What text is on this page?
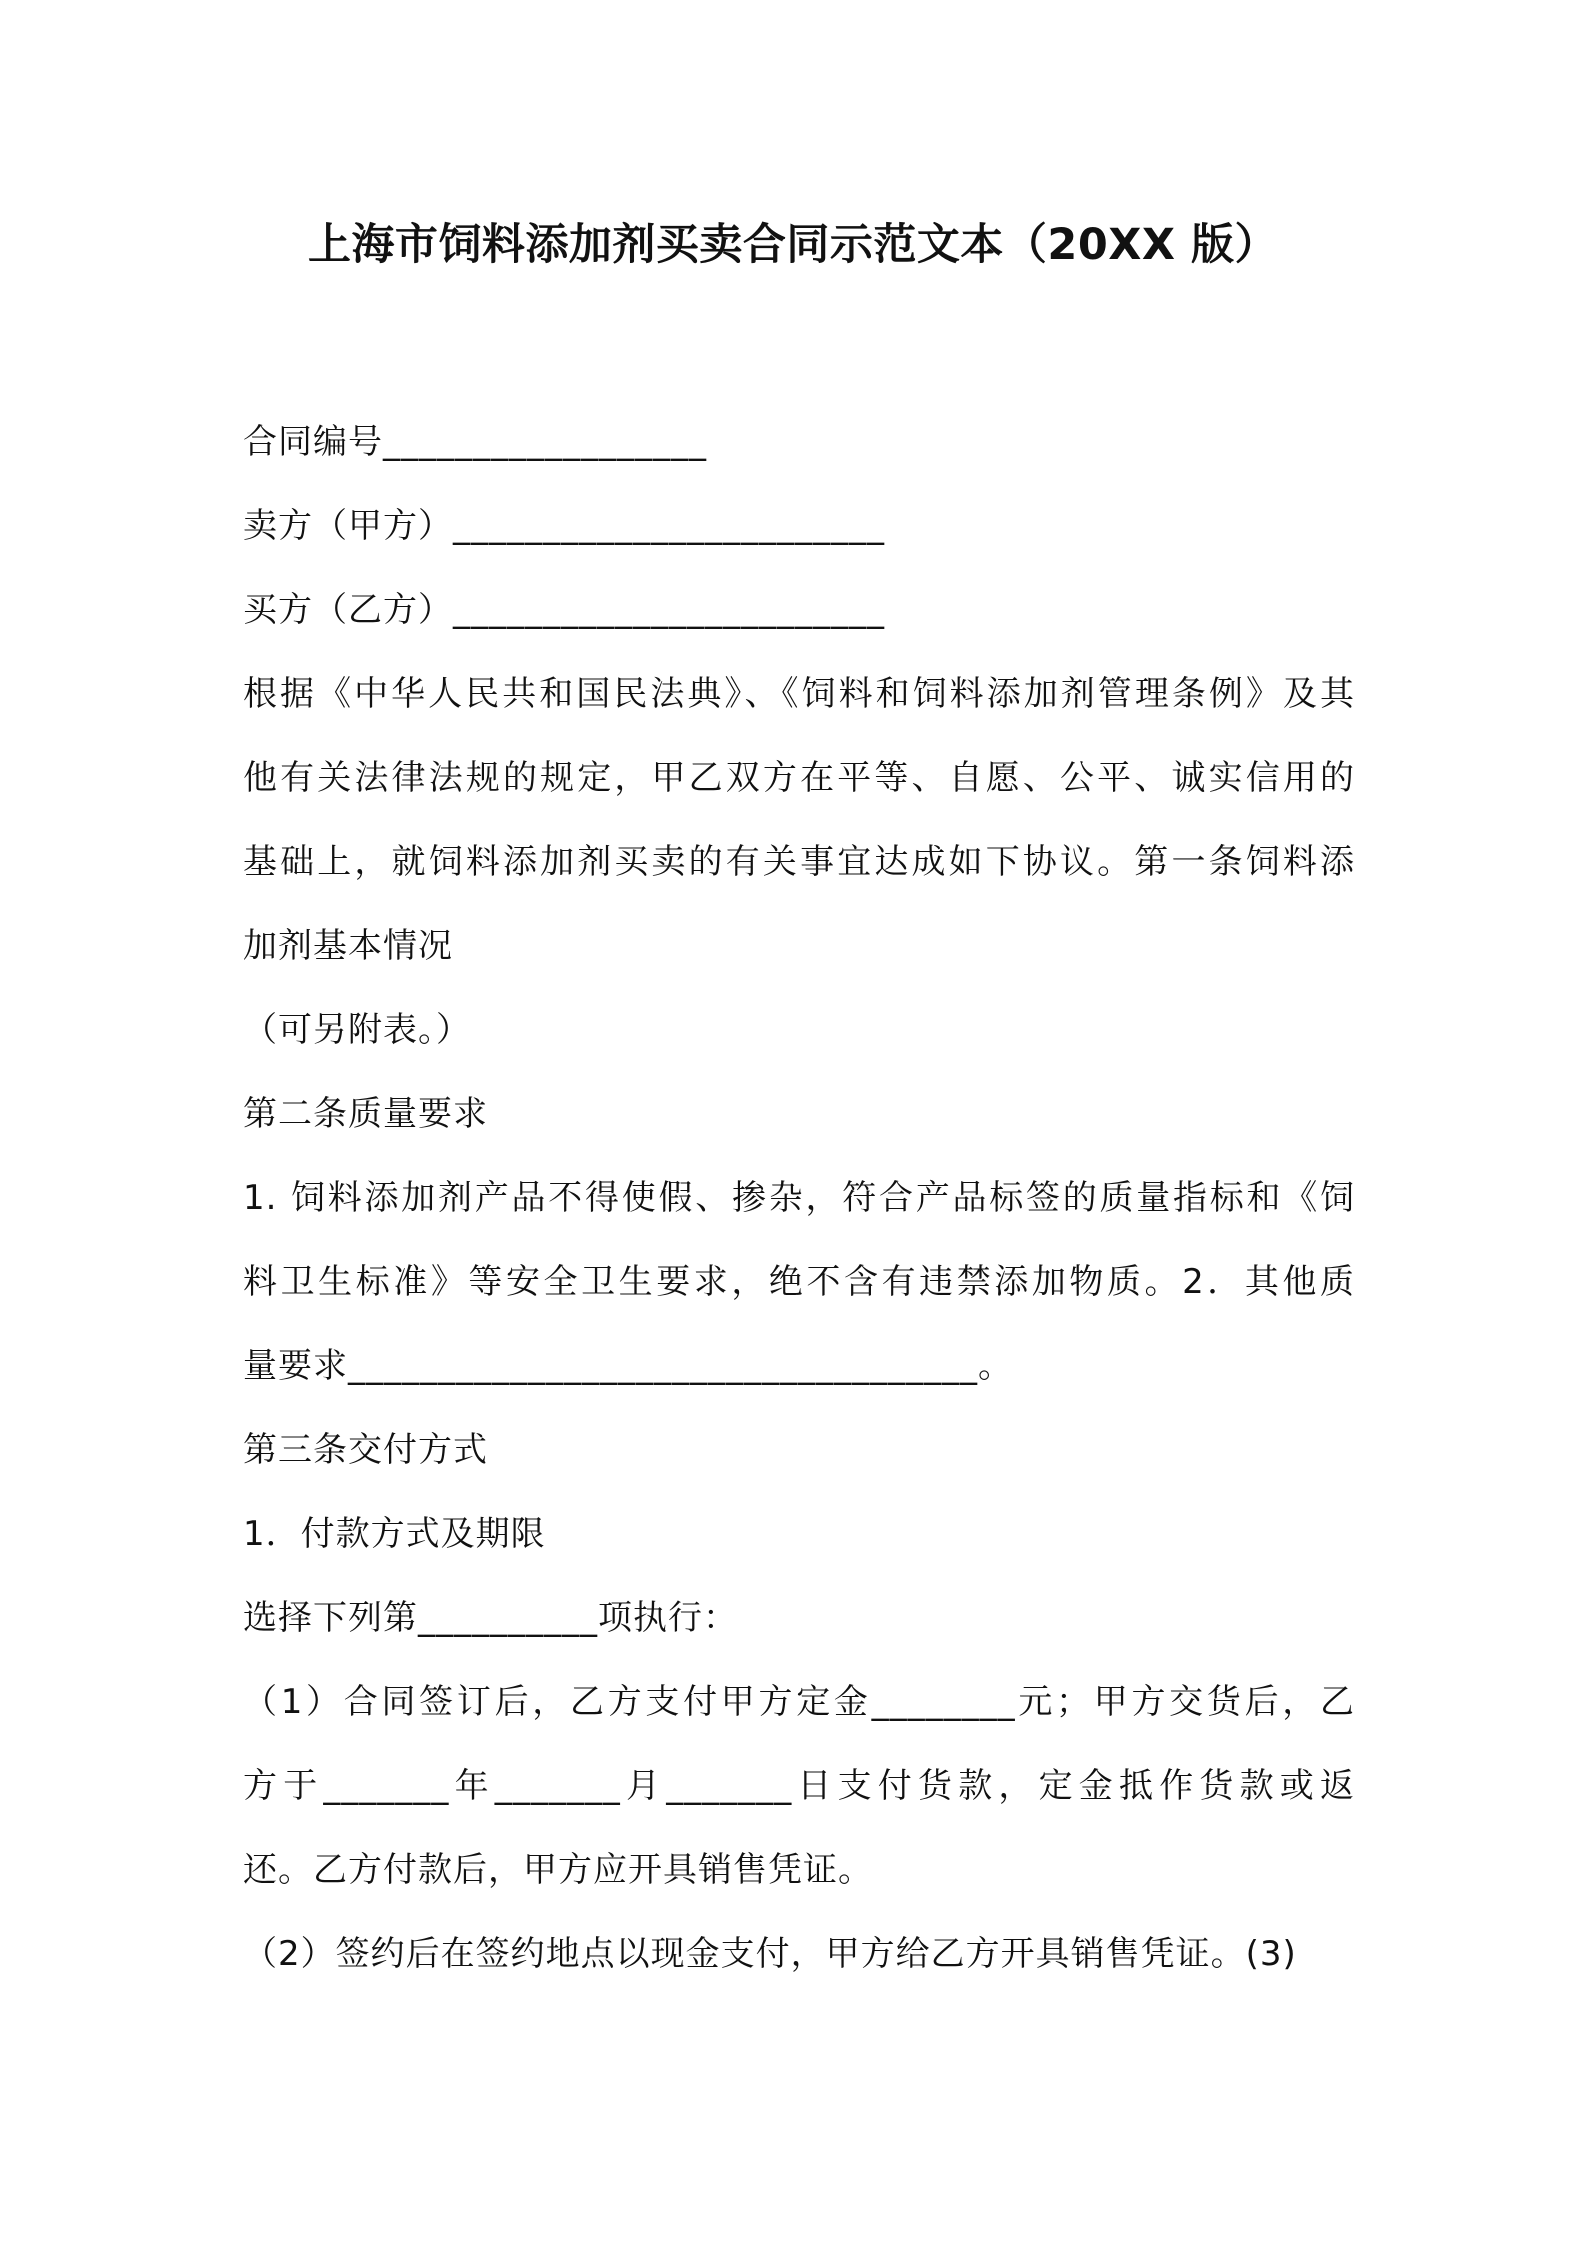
上海市饲料添加剂买卖合同示范文本（20XX 版）
合同编号__________________
卖方（甲方）________________________
买方（乙方）________________________
根据《中华人民共和国民法典》、《饲料和饲料添加剂管理条例》及其
他有关法律法规的规定，甲乙双方在平等、自愿、公平、诚实信用的
基础上，就饲料添加剂买卖的有关事宜达成如下协议。第一条饲料添
加剂基本情况
（可另附表。）
第二条质量要求
1. 饲料添加剂产品不得使假、掺杂，符合产品标签的质量指标和《饲
料卫生标准》等安全卫生要求，绝不含有违禁添加物质。2．其他质
量要求___________________________________。
第三条交付方式
1．付款方式及期限
选择下列第__________项执行：
（1）合同签订后，乙方支付甲方定金________元；甲方交货后，乙
方于_______年_______月_______日支付货款，定金抵作货款或返
还。乙方付款后，甲方应开具销售凭证。
（2）签约后在签约地点以现金支付，甲方给乙方开具销售凭证。(3)
